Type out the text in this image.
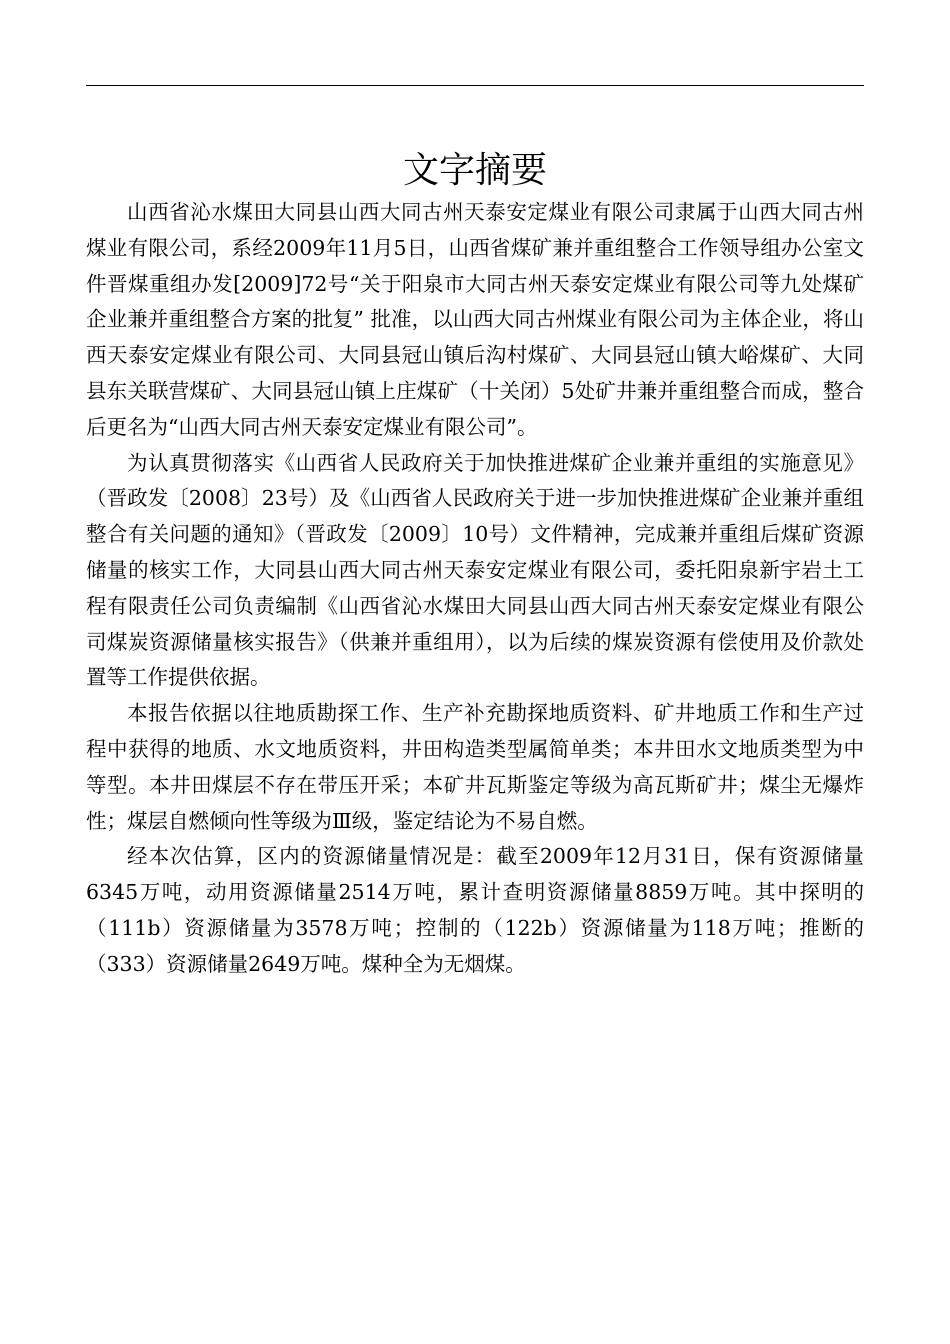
文字摘要

山西省沁水煤田大同县山西大同古州天泰安定煤业有限公司隶属于山西大同古州煤业有限公司，系经2009年11月5日，山西省煤矿兼并重组整合工作领导组办公室文件晋煤重组办发[2009]72号“关于阳泉市大同古州天泰安定煤业有限公司等九处煤矿企业兼并重组整合方案的批复” 批准，以山西大同古州煤业有限公司为主体企业，将山西天泰安定煤业有限公司、大同县冠山镇后沟村煤矿、大同县冠山镇大峪煤矿、大同县东关联营煤矿、大同县冠山镇上庄煤矿（十关闭）5处矿井兼并重组整合而成，整合后更名为“山西大同古州天泰安定煤业有限公司”。

为认真贯彻落实《山西省人民政府关于加快推进煤矿企业兼并重组的实施意见》（晋政发〔2008〕23号）及《山西省人民政府关于进一步加快推进煤矿企业兼并重组整合有关问题的通知》（晋政发〔2009〕10号）文件精神，完成兼并重组后煤矿资源储量的核实工作，大同县山西大同古州天泰安定煤业有限公司，委托阳泉新宇岩土工程有限责任公司负责编制《山西省沁水煤田大同县山西大同古州天泰安定煤业有限公司煤炭资源储量核实报告》（供兼并重组用），以为后续的煤炭资源有偿使用及价款处置等工作提供依据。

本报告依据以往地质勘探工作、生产补充勘探地质资料、矿井地质工作和生产过程中获得的地质、水文地质资料，井田构造类型属简单类；本井田水文地质类型为中等型。本井田煤层不存在带压开采；本矿井瓦斯鉴定等级为高瓦斯矿井；煤尘无爆炸性；煤层自燃倾向性等级为Ⅲ级，鉴定结论为不易自燃。

经本次估算，区内的资源储量情况是：截至2009年12月31日，保有资源储量6345万吨，动用资源储量2514万吨，累计查明资源储量8859万吨。其中探明的（111b）资源储量为3578万吨；控制的（122b）资源储量为118万吨；推断的（333）资源储量2649万吨。煤种全为无烟煤。
